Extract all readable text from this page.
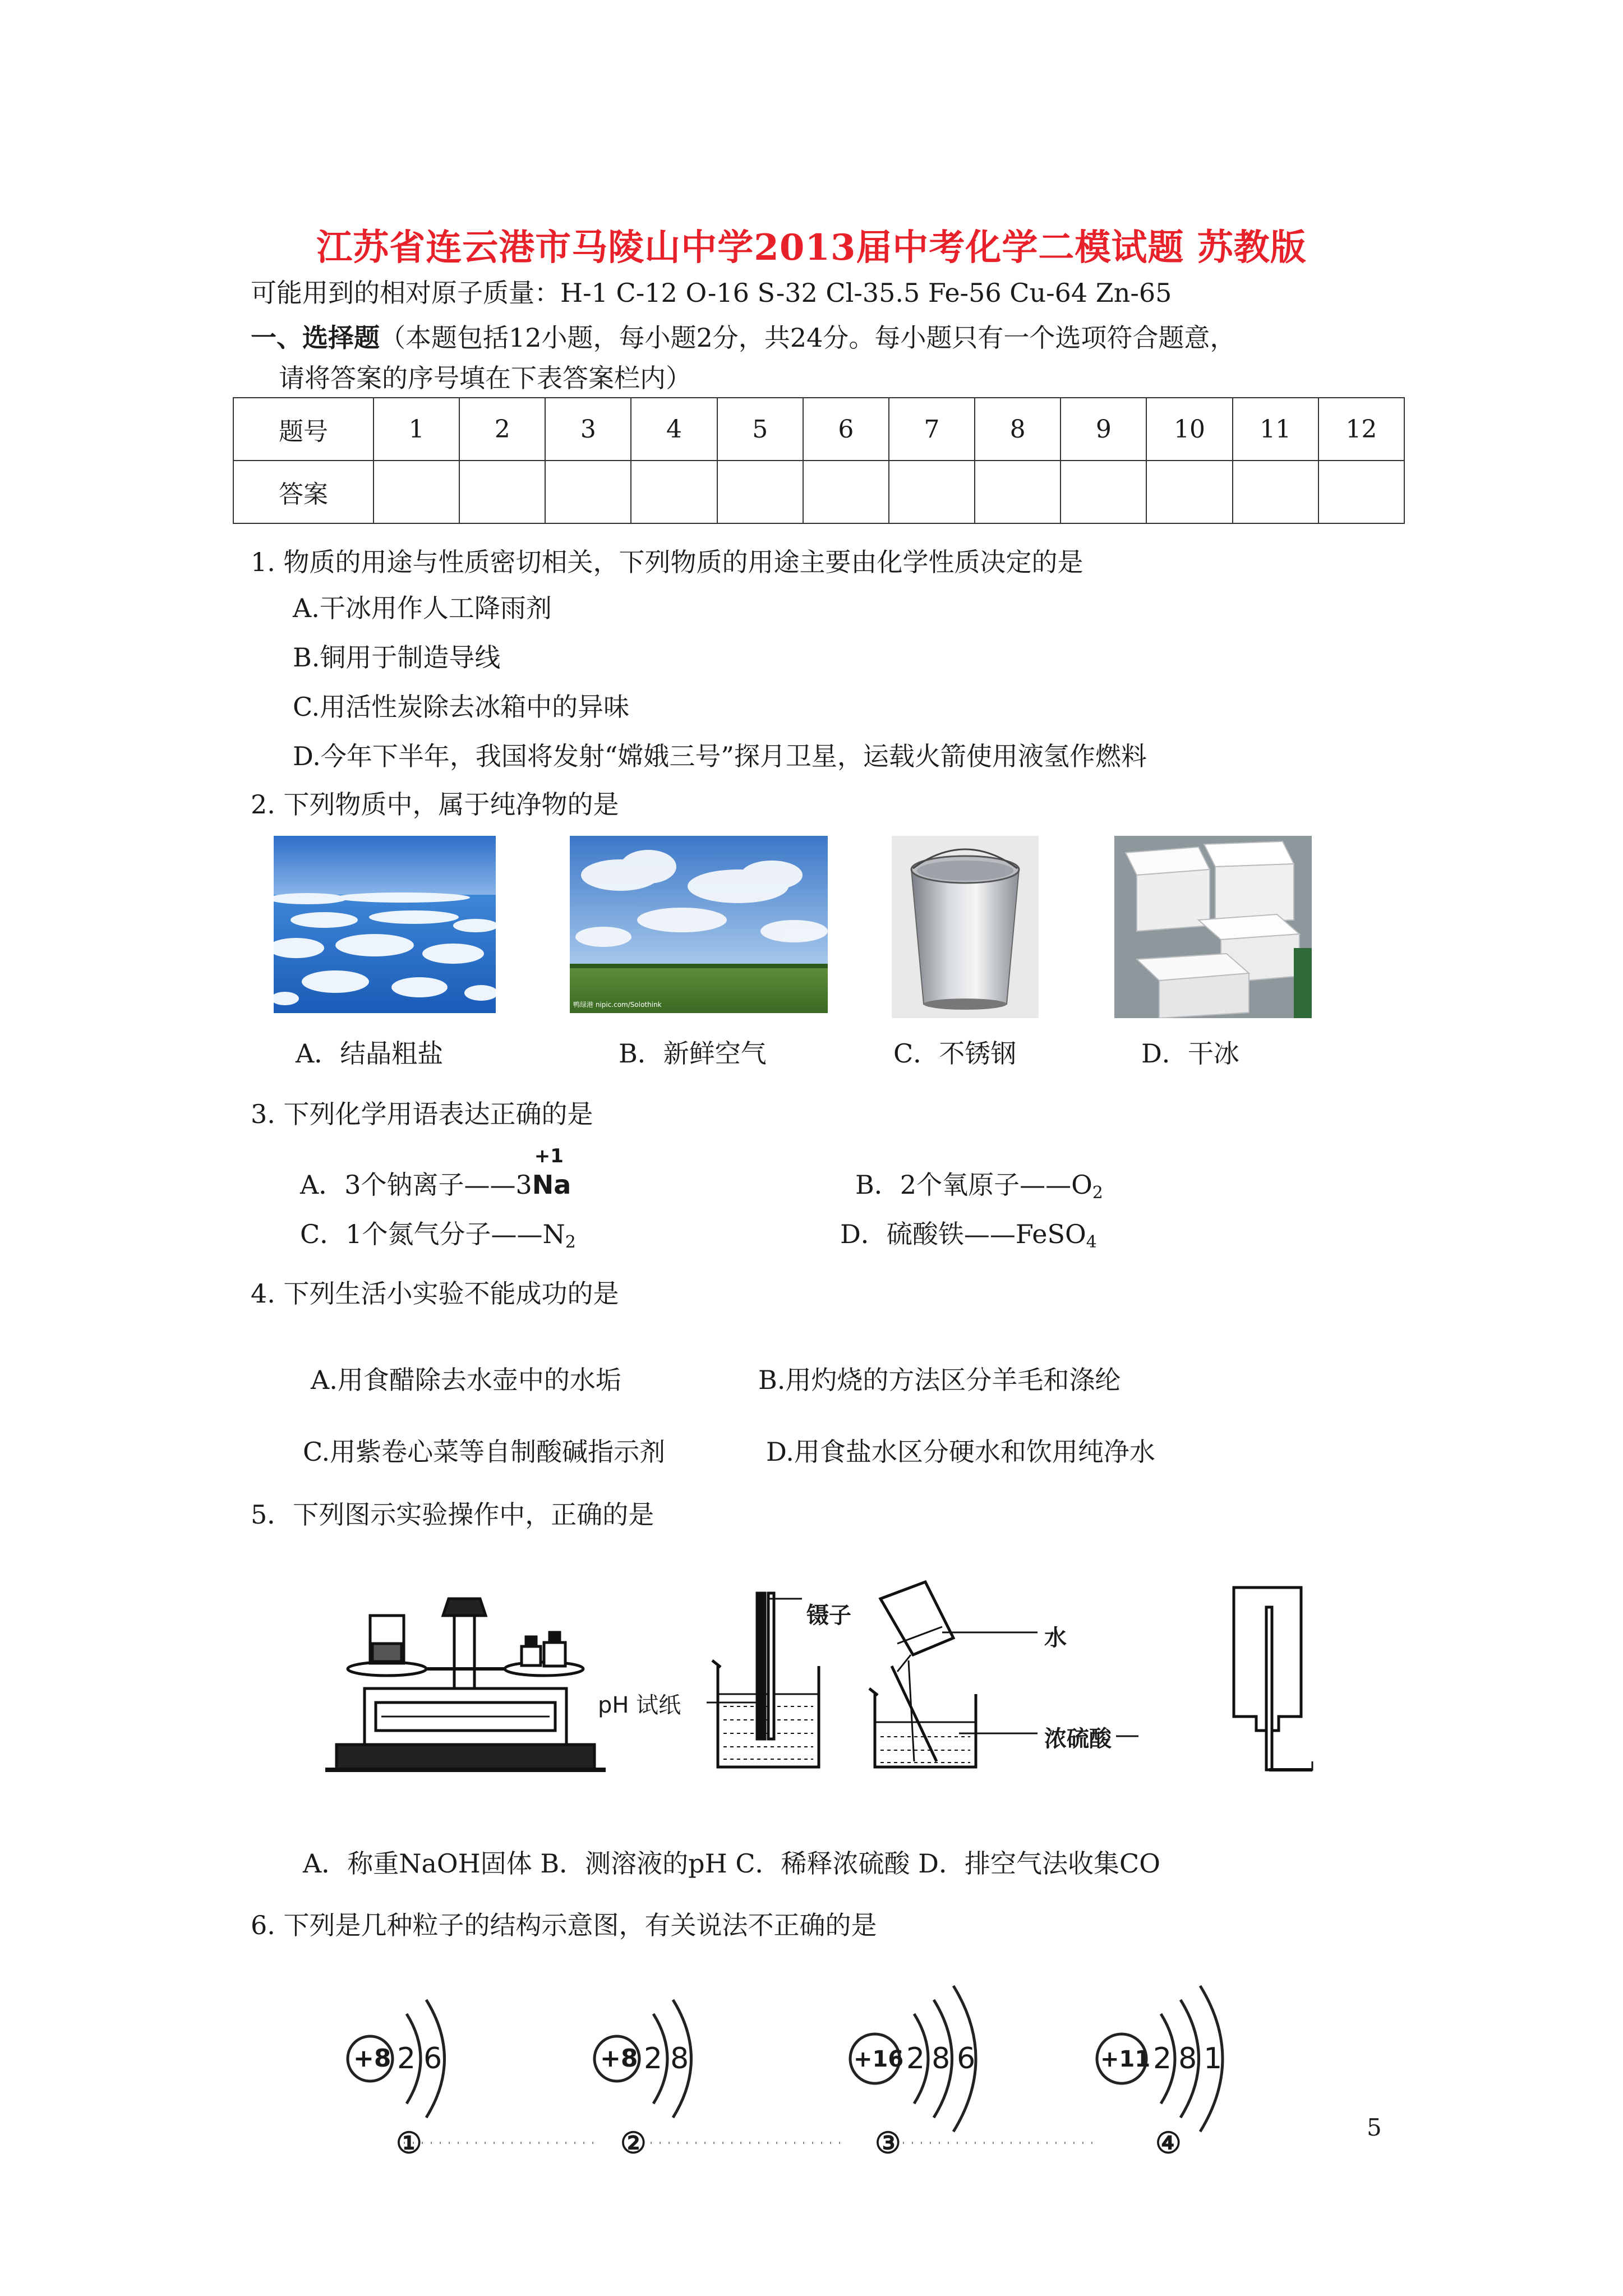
江苏省连云港市马陵山中学2013届中考化学二模试题 苏教版
可能用到的相对原子质量：H-1 C-12 O-16 S-32 Cl-35.5 Fe-56 Cu-64 Zn-65
一、选择题（本题包括12小题，每小题2分，共24分。每小题只有一个选项符合题意，
请将答案的序号填在下表答案栏内）
题号	1	2	3	4	5	6	7	8	9	10	11	12
答案												
1. 物质的用途与性质密切相关，下列物质的用途主要由化学性质决定的是
A.干冰用作人工降雨剂
B.铜用于制造导线
C.用活性炭除去冰箱中的异味
D.今年下半年，我国将发射“嫦娥三号”探月卫星，运载火箭使用液氢作燃料
2. 下列物质中，属于纯净物的是
鸭绿港 nipic.com/Solothink
A．结晶粗盐	B．新鲜空气	C．不锈钢	D．干冰
3. 下列化学用语表达正确的是
A．3个钠离子——3
+1
Na	B．2个氧原子$——O_2$
C．1个氮气分子$——N_2$	D．硫酸铁——FeSO$_4$
4. 下列生活小实验不能成功的是
A.用食醋除去水壶中的水垢	B.用灼烧的方法区分羊毛和涤纶
C.用紫卷心菜等自制酸碱指示剂	D.用食盐水区分硬水和饮用纯净水
5．下列图示实验操作中，正确的是
镊子
pH 试纸
水
浓硫酸
A．称重NaOH固体 B．测溶液的pH C．稀释浓硫酸 D．排空气法收集CO
6. 下列是几种粒子的结构示意图，有关说法不正确的是
+8 26	+8 28	+16 286	+11 281
①	②	③	④	5
